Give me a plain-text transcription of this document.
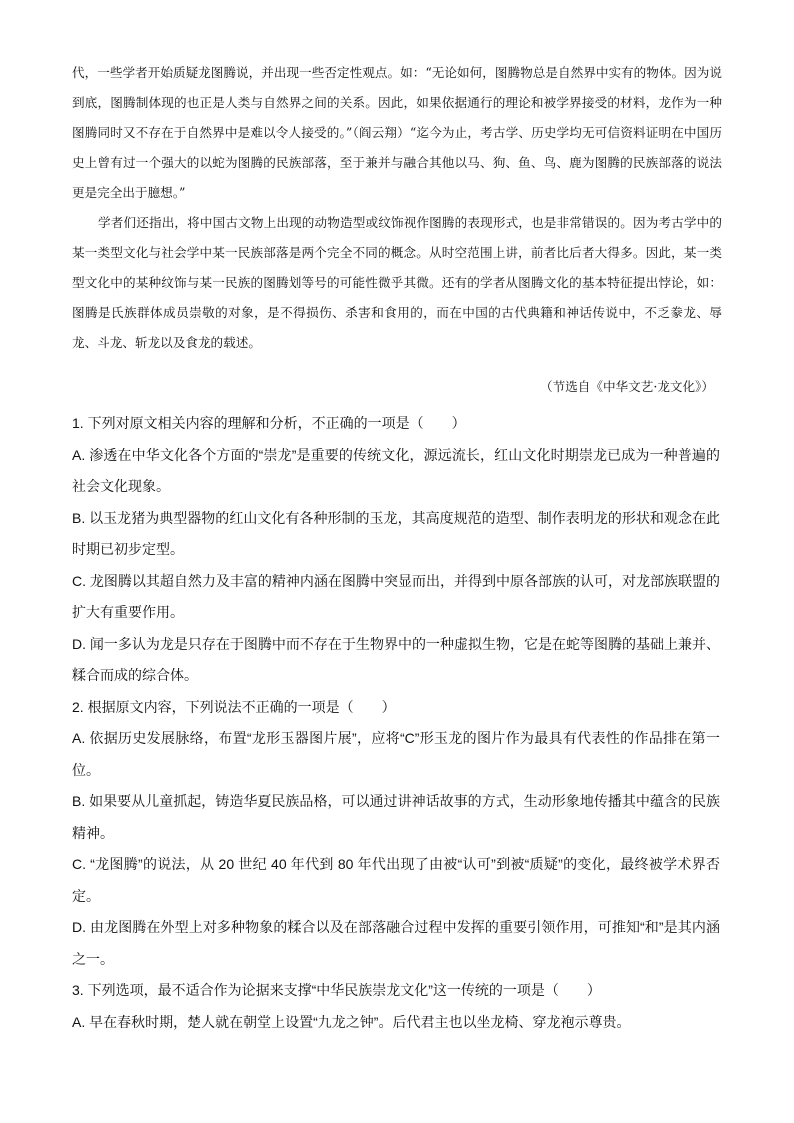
代，一些学者开始质疑龙图腾说，并出现一些否定性观点。如：“无论如何，图腾物总是自然界中实有的物体。因为说到底，图腾制体现的也正是人类与自然界之间的关系。因此，如果依据通行的理论和被学界接受的材料，龙作为一种图腾同时又不存在于自然界中是难以令人接受的。”（阎云翔）“迄今为止，考古学、历史学均无可信资料证明在中国历史上曾有过一个强大的以蛇为图腾的民族部落，至于兼并与融合其他以马、狗、鱼、鸟、鹿为图腾的民族部落的说法更是完全出于臆想。”

学者们还指出，将中国古文物上出现的动物造型或纹饰视作图腾的表现形式，也是非常错误的。因为考古学中的某一类型文化与社会学中某一民族部落是两个完全不同的概念。从时空范围上讲，前者比后者大得多。因此，某一类型文化中的某种纹饰与某一民族的图腾划等号的可能性微乎其微。还有的学者从图腾文化的基本特征提出悖论，如：图腾是氏族群体成员崇敬的对象，是不得损伤、杀害和食用的，而在中国的古代典籍和神话传说中，不乏豢龙、辱龙、斗龙、斩龙以及食龙的载述。

（节选自《中华文艺·龙文化》）

1. 下列对原文相关内容的理解和分析，不正确的一项是（　　）

A. 渗透在中华文化各个方面的“崇龙”是重要的传统文化，源远流长，红山文化时期崇龙已成为一种普遍的社会文化现象。

B. 以玉龙猪为典型器物的红山文化有各种形制的玉龙，其高度规范的造型、制作表明龙的形状和观念在此时期已初步定型。

C. 龙图腾以其超自然力及丰富的精神内涵在图腾中突显而出，并得到中原各部族的认可，对龙部族联盟的扩大有重要作用。

D. 闻一多认为龙是只存在于图腾中而不存在于生物界中的一种虚拟生物，它是在蛇等图腾的基础上兼并、糅合而成的综合体。

2. 根据原文内容，下列说法不正确的一项是（　　）

A. 依据历史发展脉络，布置“龙形玉器图片展”，应将“C”形玉龙的图片作为最具有代表性的作品排在第一位。

B. 如果要从儿童抓起，铸造华夏民族品格，可以通过讲神话故事的方式，生动形象地传播其中蕴含的民族精神。

C. “龙图腾”的说法，从 20 世纪 40 年代到 80 年代出现了由被“认可”到被“质疑”的变化，最终被学术界否定。

D. 由龙图腾在外型上对多种物象的糅合以及在部落融合过程中发挥的重要引领作用，可推知“和”是其内涵之一。

3. 下列选项，最不适合作为论据来支撑“中华民族崇龙文化”这一传统的一项是（　　）

A. 早在春秋时期，楚人就在朝堂上设置“九龙之钟”。后代君主也以坐龙椅、穿龙袍示尊贵。
